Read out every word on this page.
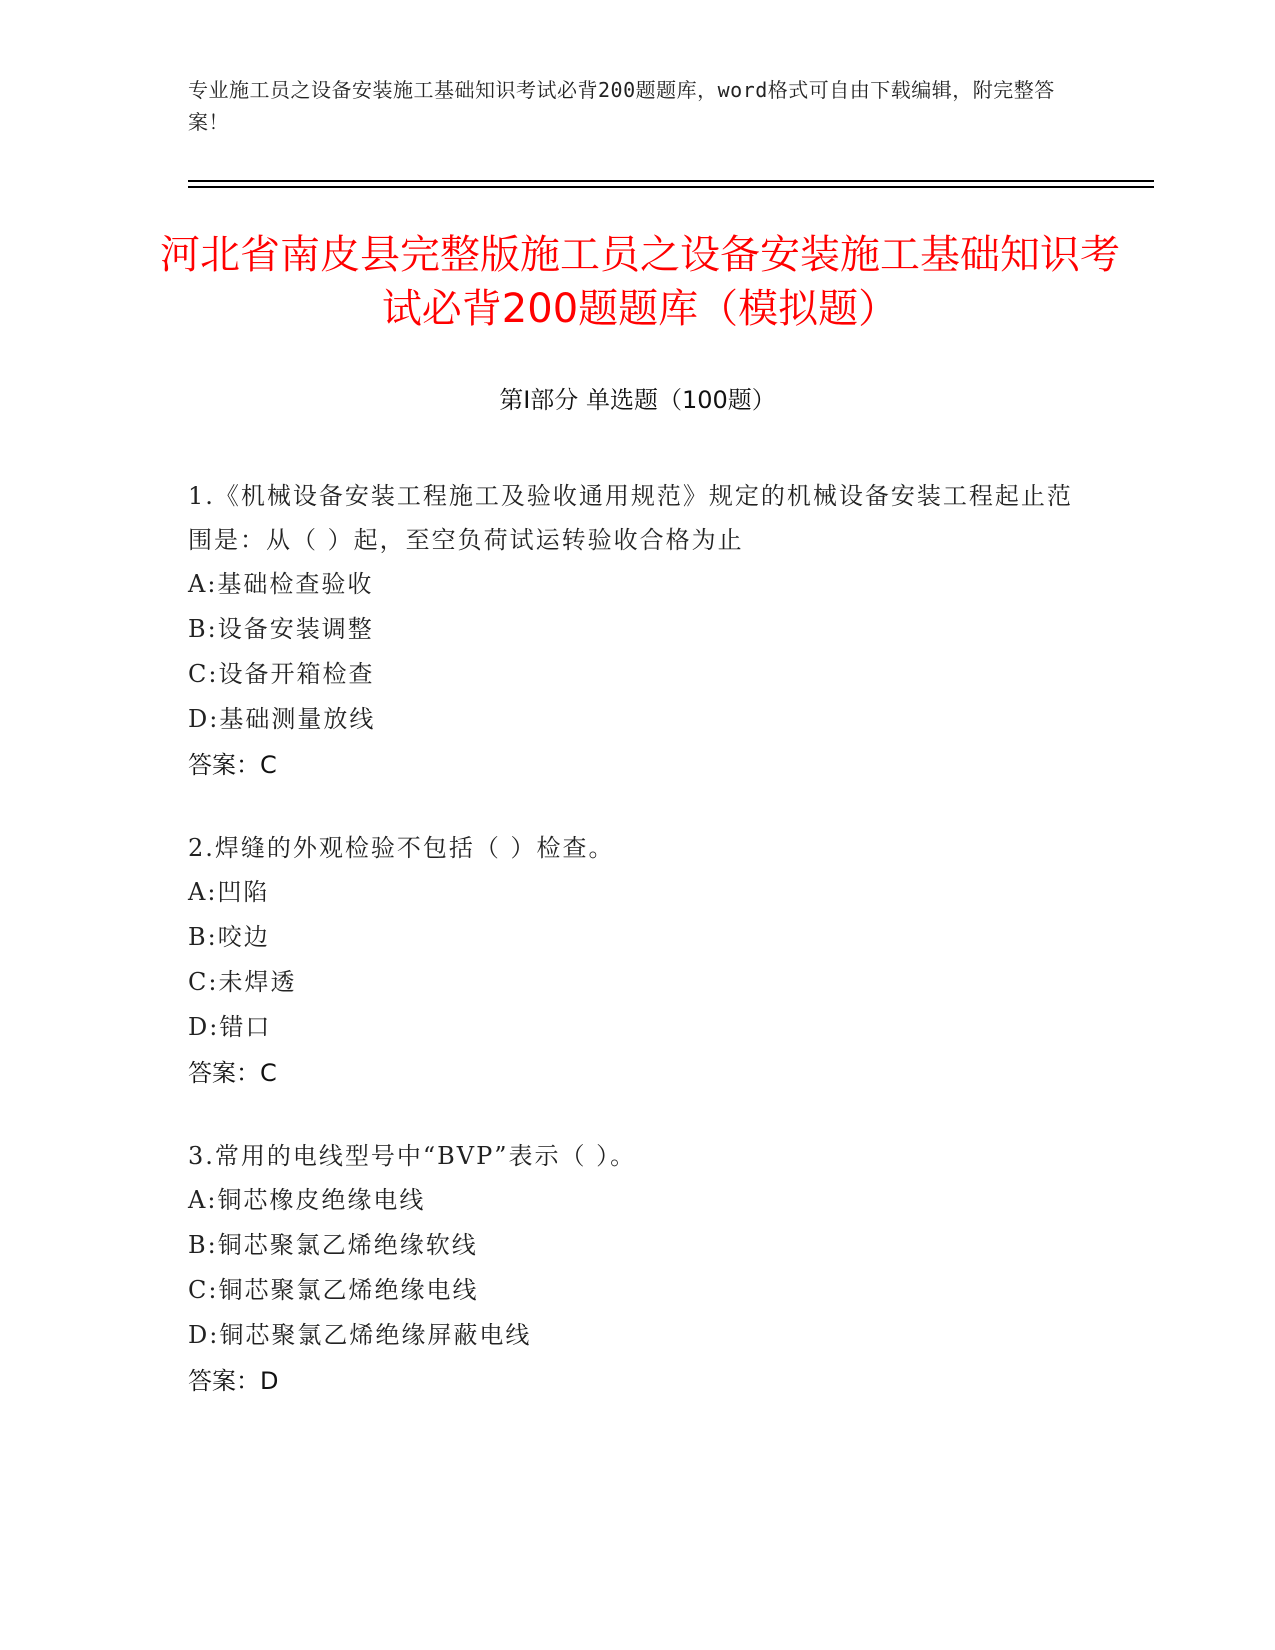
专业施工员之设备安装施工基础知识考试必背200题题库，word格式可自由下载编辑，附完整答案！
河北省南皮县完整版施工员之设备安装施工基础知识考试必背200题题库（模拟题）
第Ⅰ部分 单选题（100题）
1.《机械设备安装工程施工及验收通用规范》规定的机械设备安装工程起止范围是：从（ ）起，至空负荷试运转验收合格为止
A:基础检查验收
B:设备安装调整
C:设备开箱检查
D:基础测量放线
答案：C
2.焊缝的外观检验不包括（ ）检查。
A:凹陷
B:咬边
C:未焊透
D:错口
答案：C
3.常用的电线型号中“BVP”表示（ ）。
A:铜芯橡皮绝缘电线
B:铜芯聚氯乙烯绝缘软线
C:铜芯聚氯乙烯绝缘电线
D:铜芯聚氯乙烯绝缘屏蔽电线
答案：D
